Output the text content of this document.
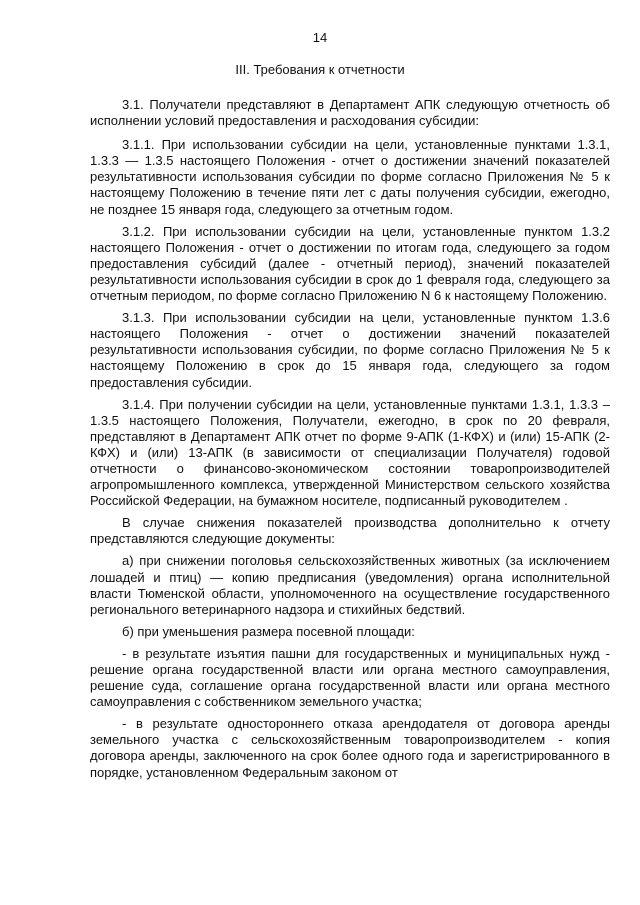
14
III. Требования к отчетности

3.1. Получатели представляют в Департамент АПК следующую отчетность об исполнении условий предоставления и расходования субсидии:

3.1.1. При использовании субсидии на цели, установленные пунктами 1.3.1, 1.3.3 — 1.3.5 настоящего Положения - отчет о достижении значений показателей результативности использования субсидии по форме согласно Приложения № 5 к настоящему Положению в течение пяти лет с даты получения субсидии, ежегодно, не позднее 15 января года, следующего за отчетным годом.

3.1.2. При использовании субсидии на цели, установленные пунктом 1.3.2 настоящего Положения - отчет о достижении по итогам года, следующего за годом предоставления субсидий (далее - отчетный период), значений показателей результативности использования субсидии в срок до 1 февраля года, следующего за отчетным периодом, по форме согласно Приложению N 6 к настоящему Положению.

3.1.3. При использовании субсидии на цели, установленные пунктом 1.3.6 настоящего Положения - отчет о достижении значений показателей результативности использования субсидии, по форме согласно Приложения № 5 к настоящему Положению в срок до 15 января года, следующего за годом предоставления субсидии.

3.1.4. При получении субсидии на цели, установленные пунктами 1.3.1, 1.3.3 – 1.3.5 настоящего Положения, Получатели, ежегодно, в срок по 20 февраля, представляют в Департамент АПК отчет по форме 9-АПК (1-КФХ) и (или) 15-АПК (2-КФХ) и (или) 13-АПК (в зависимости от специализации Получателя) годовой отчетности о финансово-экономическом состоянии товаропроизводителей агропромышленного комплекса, утвержденной Министерством сельского хозяйства Российской Федерации, на бумажном носителе, подписанный руководителем .

В случае снижения показателей производства дополнительно к отчету представляются следующие документы:

а) при снижении поголовья сельскохозяйственных животных (за исключением лошадей и птиц) — копию предписания (уведомления) органа исполнительной власти Тюменской области, уполномоченного на осуществление государственного регионального ветеринарного надзора и стихийных бедствий.

б) при уменьшения размера посевной площади:

- в результате изъятия пашни для государственных и муниципальных нужд - решение органа государственной власти или органа местного самоуправления, решение суда, соглашение органа государственной власти или органа местного самоуправления с собственником земельного участка;

- в результате одностороннего отказа арендодателя от договора аренды земельного участка с сельскохозяйственным товаропроизводителем - копия договора аренды, заключенного на срок более одного года и зарегистрированного в порядке, установленном Федеральным законом от
